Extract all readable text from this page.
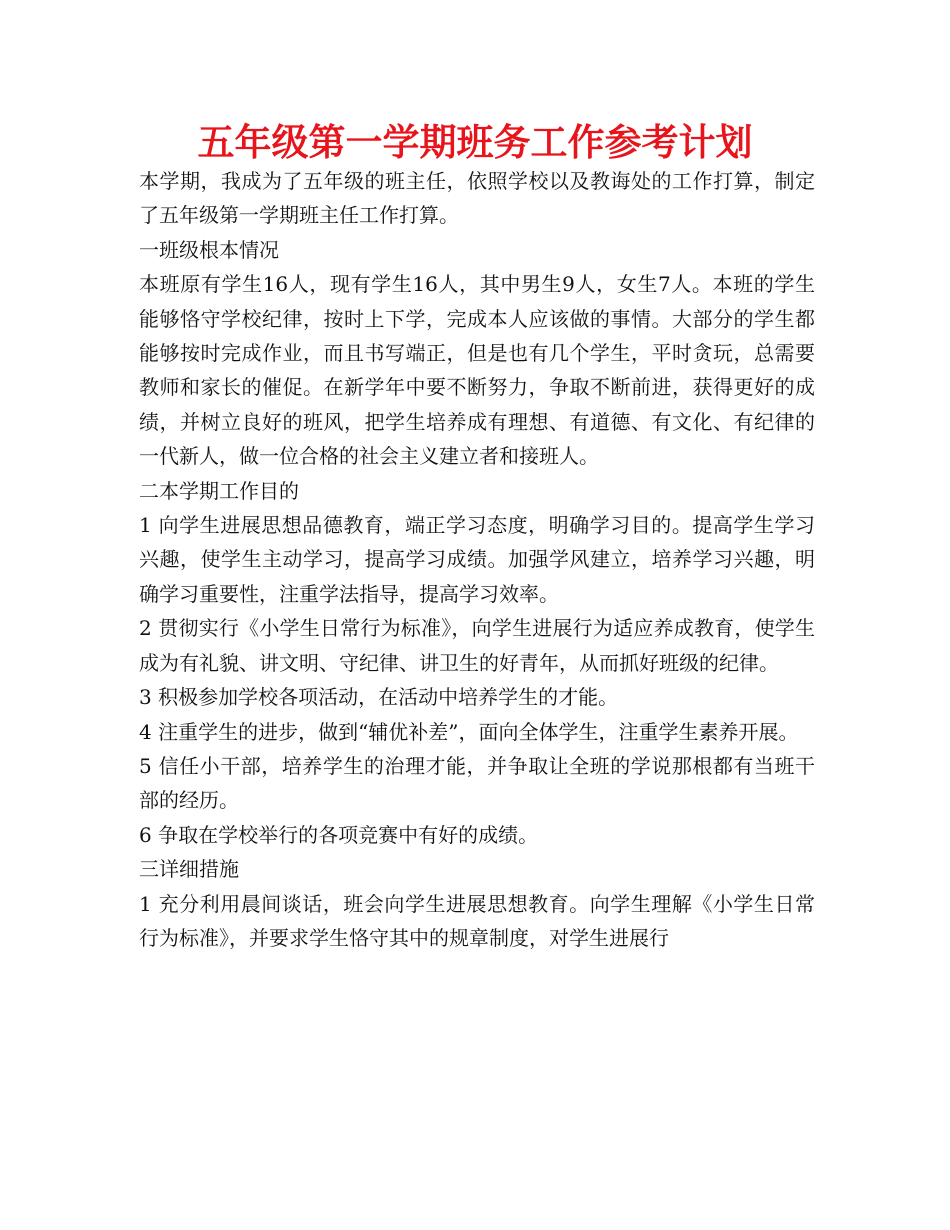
五年级第一学期班务工作参考计划

本学期，我成为了五年级的班主任，依照学校以及教诲处的工作打算，制定了五年级第一学期班主任工作打算。

一班级根本情况

本班原有学生16人，现有学生16人，其中男生9人，女生7人。本班的学生能够恪守学校纪律，按时上下学，完成本人应该做的事情。大部分的学生都能够按时完成作业，而且书写端正，但是也有几个学生，平时贪玩，总需要教师和家长的催促。在新学年中要不断努力，争取不断前进，获得更好的成绩，并树立良好的班风，把学生培养成有理想、有道德、有文化、有纪律的一代新人，做一位合格的社会主义建立者和接班人。

二本学期工作目的

1 向学生进展思想品德教育，端正学习态度，明确学习目的。提高学生学习兴趣，使学生主动学习，提高学习成绩。加强学风建立，培养学习兴趣，明确学习重要性，注重学法指导，提高学习效率。

2 贯彻实行《小学生日常行为标准》，向学生进展行为适应养成教育，使学生成为有礼貌、讲文明、守纪律、讲卫生的好青年，从而抓好班级的纪律。

3 积极参加学校各项活动，在活动中培养学生的才能。

4 注重学生的进步，做到“辅优补差”，面向全体学生，注重学生素养开展。

5 信任小干部，培养学生的治理才能，并争取让全班的学说那根都有当班干部的经历。

6 争取在学校举行的各项竞赛中有好的成绩。

三详细措施

1 充分利用晨间谈话，班会向学生进展思想教育。向学生理解《小学生日常行为标准》，并要求学生恪守其中的规章制度，对学生进展行
